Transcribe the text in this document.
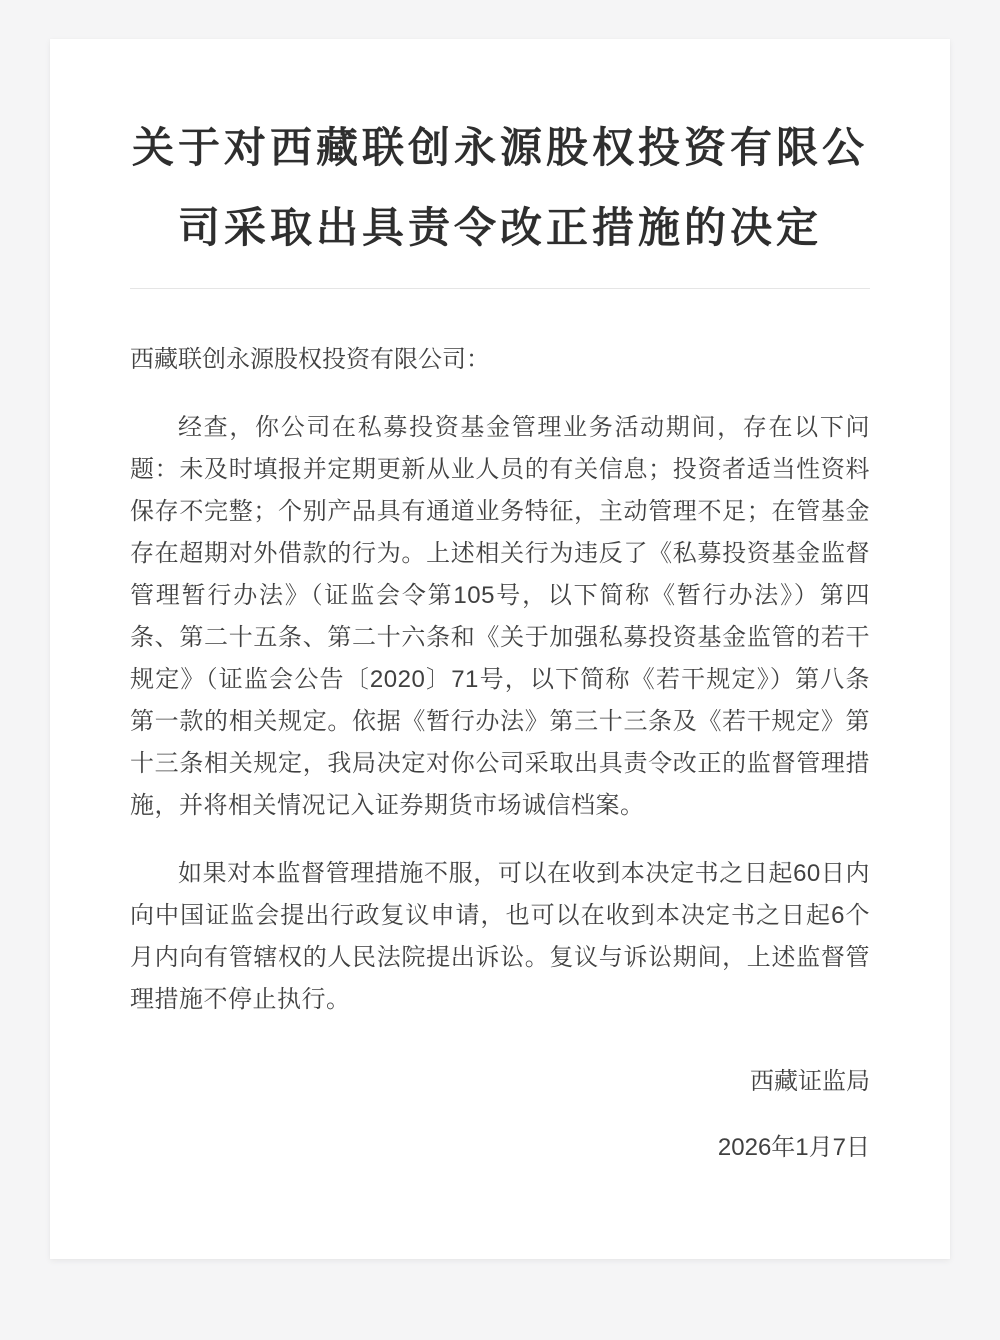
关于对西藏联创永源股权投资有限公司采取出具责令改正措施的决定
西藏联创永源股权投资有限公司：

经查，你公司在私募投资基金管理业务活动期间，存在以下问题：未及时填报并定期更新从业人员的有关信息；投资者适当性资料保存不完整；个别产品具有通道业务特征，主动管理不足；在管基金存在超期对外借款的行为。上述相关行为违反了《私募投资基金监督管理暂行办法》（证监会令第105号，以下简称《暂行办法》）第四条、第二十五条、第二十六条和《关于加强私募投资基金监管的若干规定》（证监会公告〔2020〕71号，以下简称《若干规定》）第八条第一款的相关规定。依据《暂行办法》第三十三条及《若干规定》第十三条相关规定，我局决定对你公司采取出具责令改正的监督管理措施，并将相关情况记入证券期货市场诚信档案。

如果对本监督管理措施不服，可以在收到本决定书之日起60日内向中国证监会提出行政复议申请，也可以在收到本决定书之日起6个月内向有管辖权的人民法院提出诉讼。复议与诉讼期间，上述监督管理措施不停止执行。

西藏证监局

2026年1月7日
